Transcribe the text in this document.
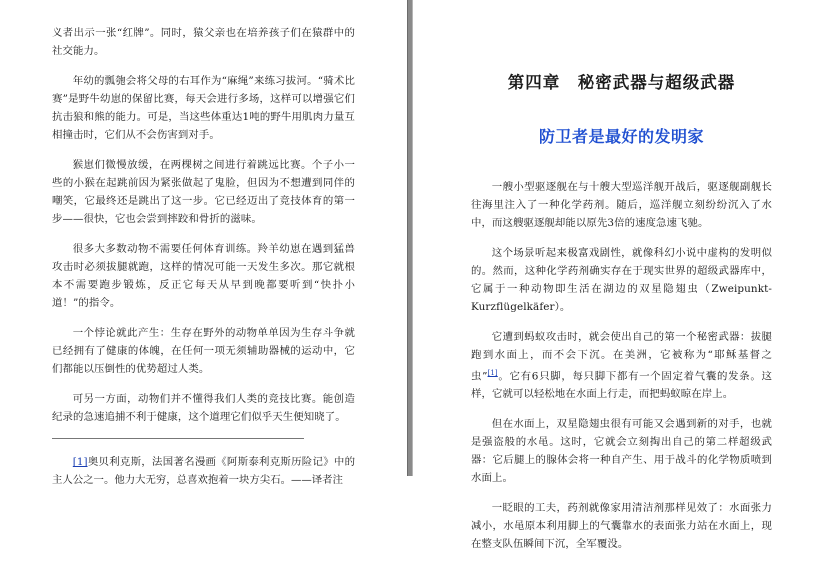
义者出示一张“红牌”。同时，猿父亲也在培养孩子们在猿群中的社交能力。

年幼的瓢匏会将父母的右耳作为“麻绳”来练习拔河。“骑术比赛”是野牛幼崽的保留比赛，每天会进行多场，这样可以增强它们抗击狼和熊的能力。可是，当这些体重达1吨的野牛用肌肉力量互相撞击时，它们从不会伤害到对手。

猴崽们微慢放缓，在两棵树之间进行着跳远比赛。个子小一些的小猴在起跳前因为紧张做起了鬼脸，但因为不想遭到同伴的嘲笑，它最终还是跳出了这一步。它已经迈出了竞技体育的第一步——很快，它也会尝到摔跤和骨折的滋味。

很多大多数动物不需要任何体育训练。羚羊幼崽在遇到猛兽攻击时必须拔腿就跑，这样的情况可能一天发生多次。那它就根本不需要跑步锻炼，反正它每天从早到晚都要听到“快扑小道！”的指令。

一个悖论就此产生：生存在野外的动物单单因为生存斗争就已经拥有了健康的体魄，在任何一项无须辅助器械的运动中，它们都能以压倒性的优势超过人类。

可另一方面，动物们并不懂得我们人类的竞技比赛。能创造纪录的急速追捕不利于健康，这个道理它们似乎天生便知晓了。

[1]奥贝利克斯，法国著名漫画《阿斯泰利克斯历险记》中的主人公之一。他力大无穷，总喜欢抱着一块方尖石。——译者注

第四章　秘密武器与超级武器
防卫者是最好的发明家

一艘小型驱逐舰在与十艘大型巡洋舰开战后，驱逐舰副舰长往海里注入了一种化学药剂。随后，巡洋舰立刻纷纷沉入了水中，而这艘驱逐舰却能以原先3倍的速度急速飞驰。

这个场景听起来极富戏剧性，就像科幻小说中虚构的发明似的。然而，这种化学药剂确实存在于现实世界的超级武器库中，它属于一种动物即生活在湖边的双星隐翅虫（Zweipunkt-Kurzflügelkäfer）。

它遭到蚂蚁攻击时，就会使出自己的第一个秘密武器：拔腿跑到水面上，而不会下沉。在美洲，它被称为“耶稣基督之虫”[1]。它有6只脚，每只脚下都有一个固定着气囊的发条。这样，它就可以轻松地在水面上行走，而把蚂蚁晾在岸上。

但在水面上，双星隐翅虫很有可能又会遇到新的对手，也就是强盗般的水黾。这时，它就会立刻掏出自己的第二样超级武器：它后腿上的腺体会将一种自产生、用于战斗的化学物质喷到水面上。

一眨眼的工夫，药剂就像家用清洁剂那样见效了：水面张力减小，水黾原本利用脚上的气囊靠水的表面张力站在水面上，现在整支队伍瞬间下沉，全军覆没。
